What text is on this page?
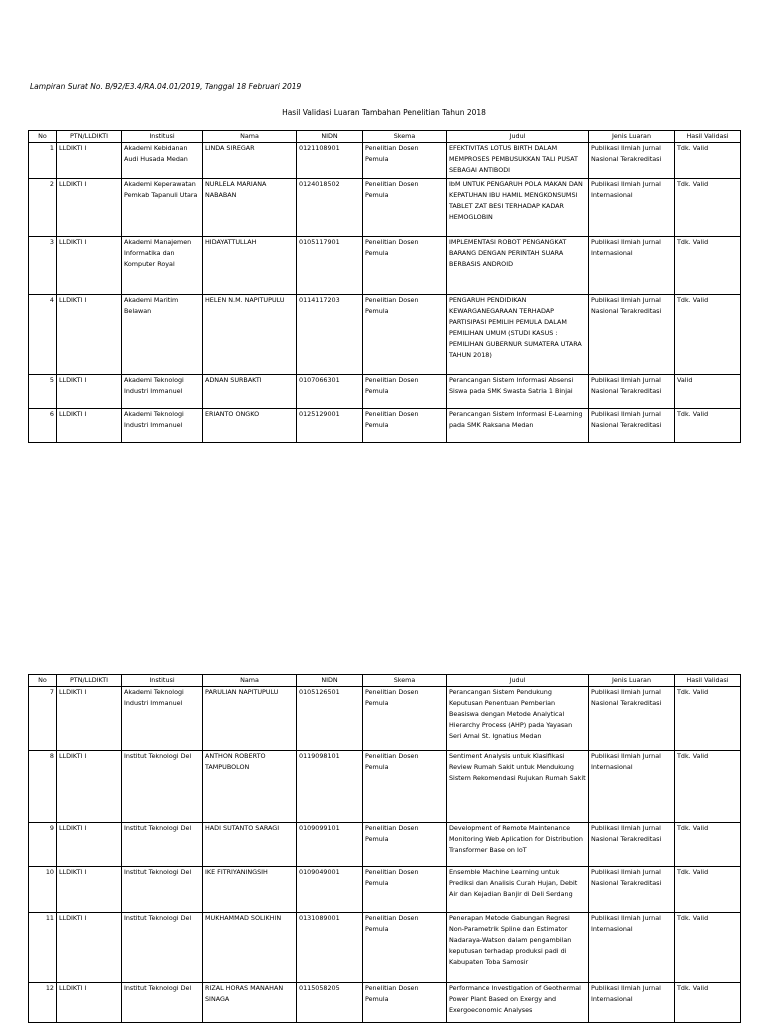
Lampiran Surat No. B/92/E3.4/RA.04.01/2019, Tanggal 18 Februari 2019
Hasil Validasi Luaran Tambahan Penelitian Tahun 2018
No	PTN/LLDIKTI	Institusi	Nama	NIDN	Skema	Judul	Jenis Luaran	Hasil Validasi
1	LLDIKTI I	Akademi Kebidanan Audi Husada Medan	LINDA SIREGAR	0121108901	Penelitian Dosen Pemula	EFEKTIVITAS LOTUS BIRTH DALAM MEMPROSES PEMBUSUKKAN TALI PUSAT SEBAGAI ANTIBODI	Publikasi Ilmiah Jurnal Nasional Terakreditasi	Tdk. Valid
2	LLDIKTI I	Akademi Keperawatan Pemkab Tapanuli Utara	NURLELA MARIANA NABABAN	0124018502	Penelitian Dosen Pemula	IbM UNTUK PENGARUH POLA MAKAN DAN KEPATUHAN IBU HAMIL MENGKONSUMSI TABLET ZAT BESI TERHADAP KADAR HEMOGLOBIN	Publikasi Ilmiah Jurnal Internasional	Tdk. Valid
3	LLDIKTI I	Akademi Manajemen Informatika dan Komputer Royal	HIDAYATTULLAH	0105117901	Penelitian Dosen Pemula	IMPLEMENTASI ROBOT PENGANGKAT BARANG DENGAN PERINTAH SUARA BERBASIS ANDROID	Publikasi Ilmiah Jurnal Internasional	Tdk. Valid
4	LLDIKTI I	Akademi Maritim Belawan	HELEN N.M. NAPITUPULU	0114117203	Penelitian Dosen Pemula	PENGARUH PENDIDIKAN KEWARGANEGARAAN TERHADAP PARTISIPASI PEMILIH PEMULA DALAM PEMILIHAN UMUM (STUDI KASUS : PEMILIHAN GUBERNUR SUMATERA UTARA TAHUN 2018)	Publikasi Ilmiah Jurnal Nasional Terakreditasi	Tdk. Valid
5	LLDIKTI I	Akademi Teknologi Industri Immanuel	ADNAN SURBAKTI	0107066301	Penelitian Dosen Pemula	Perancangan Sistem Informasi Absensi Siswa pada SMK Swasta Satria 1 Binjai	Publikasi Ilmiah Jurnal Nasional Terakreditasi	Valid
6	LLDIKTI I	Akademi Teknologi Industri Immanuel	ERIANTO ONGKO	0125129001	Penelitian Dosen Pemula	Perancangan Sistem Informasi E-Learning pada SMK Raksana Medan	Publikasi Ilmiah Jurnal Nasional Terakreditasi	Tdk. Valid
No	PTN/LLDIKTI	Institusi	Nama	NIDN	Skema	Judul	Jenis Luaran	Hasil Validasi
7	LLDIKTI I	Akademi Teknologi Industri Immanuel	PARULIAN NAPITUPULU	0105126501	Penelitian Dosen Pemula	Perancangan Sistem Pendukung Keputusan Penentuan Pemberian Beasiswa dengan Metode Analytical Hierarchy Process (AHP) pada Yayasan Seri Amal St. Ignatius Medan	Publikasi Ilmiah Jurnal Nasional Terakreditasi	Tdk. Valid
8	LLDIKTI I	Institut Teknologi Del	ANTHON ROBERTO TAMPUBOLON	0119098101	Penelitian Dosen Pemula	Sentiment Analysis untuk Klasifikasi Review Rumah Sakit untuk Mendukung Sistem Rekomendasi Rujukan Rumah Sakit	Publikasi Ilmiah Jurnal Internasional	Tdk. Valid
9	LLDIKTI I	Institut Teknologi Del	HADI SUTANTO SARAGI	0109099101	Penelitian Dosen Pemula	Development of Remote Maintenance Monitoring Web Aplication for Distribution Transformer Base on IoT	Publikasi Ilmiah Jurnal Nasional Terakreditasi	Tdk. Valid
10	LLDIKTI I	Institut Teknologi Del	IKE FITRIYANINGSIH	0109049001	Penelitian Dosen Pemula	Ensemble Machine Learning untuk Prediksi dan Analisis Curah Hujan, Debit Air dan Kejadian Banjir di Deli Serdang	Publikasi Ilmiah Jurnal Nasional Terakreditasi	Tdk. Valid
11	LLDIKTI I	Institut Teknologi Del	MUKHAMMAD SOLIKHIN	0131089001	Penelitian Dosen Pemula	Penerapan Metode Gabungan Regresi Non-Parametrik Spline dan Estimator Nadaraya-Watson dalam pengambilan keputusan terhadap produksi padi di Kabupaten Toba Samosir	Publikasi Ilmiah Jurnal Internasional	Tdk. Valid
12	LLDIKTI I	Institut Teknologi Del	RIZAL HORAS MANAHAN SINAGA	0115058205	Penelitian Dosen Pemula	Performance Investigation of Geothermal Power Plant Based on Exergy and Exergoeconomic Analyses	Publikasi Ilmiah Jurnal Internasional	Tdk. Valid
